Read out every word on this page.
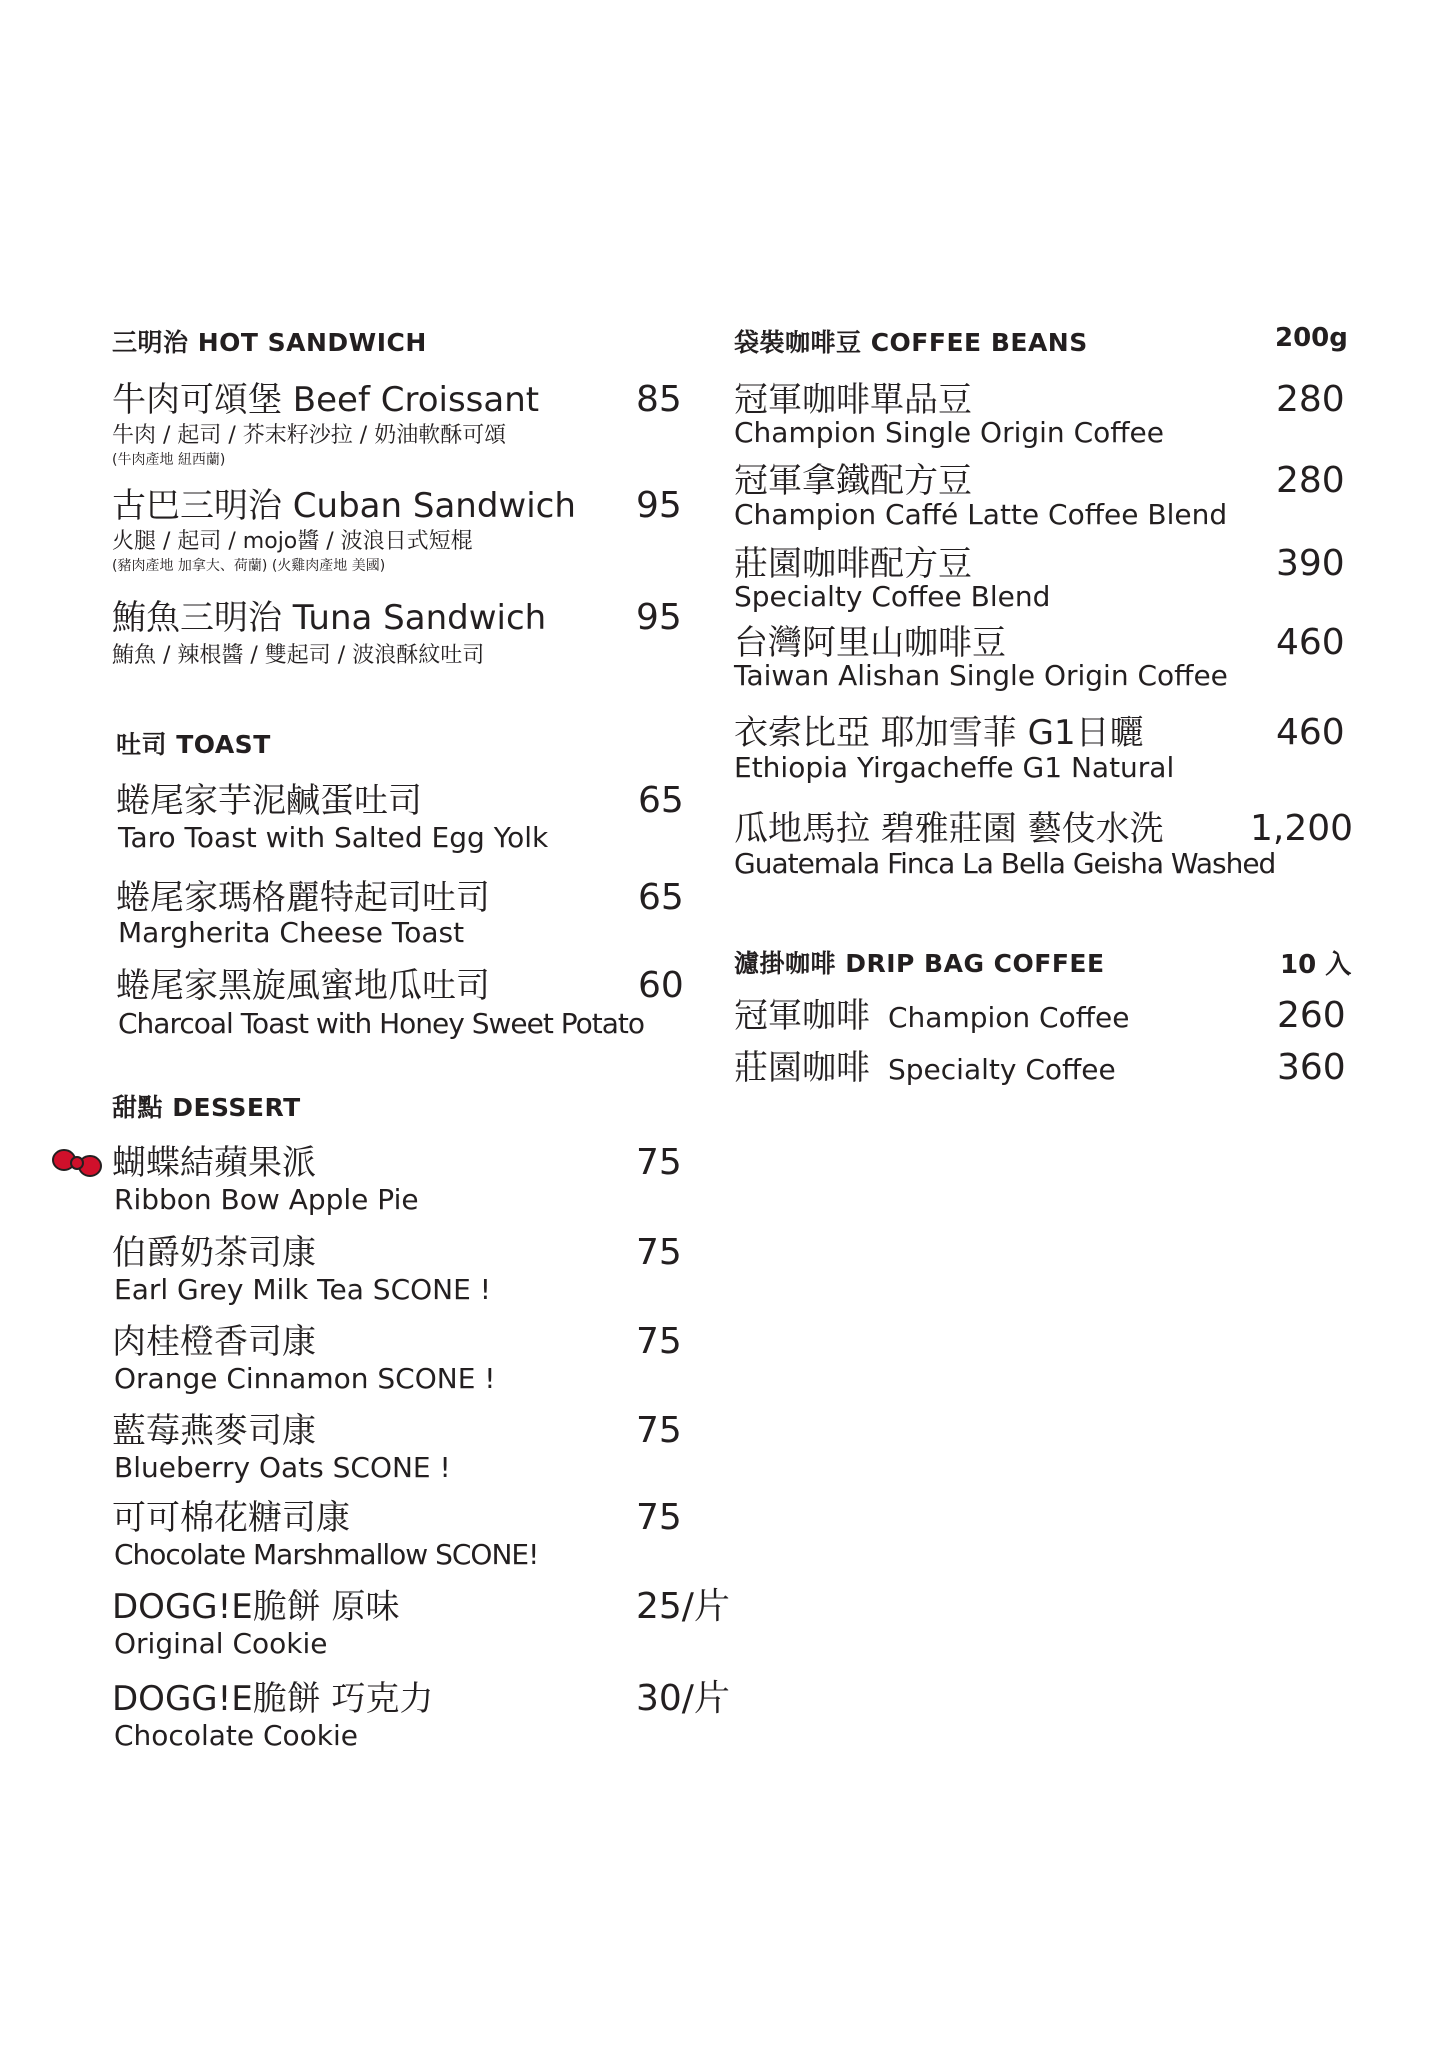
三明治 HOT SANDWICH
牛肉可頌堡 Beef Croissant
牛肉 / 起司 / 芥末籽沙拉 / 奶油軟酥可頌
(牛肉產地 紐西蘭)
85
古巴三明治 Cuban Sandwich
火腿 / 起司 / mojo醬 / 波浪日式短棍
(豬肉產地 加拿大、荷蘭) (火雞肉產地 美國)
95
鮪魚三明治 Tuna Sandwich
鮪魚 / 辣根醬 / 雙起司 / 波浪酥紋吐司
95
吐司 TOAST
蜷尾家芋泥鹹蛋吐司
Taro Toast with Salted Egg Yolk
65
蜷尾家瑪格麗特起司吐司
Margherita Cheese Toast
65
蜷尾家黑旋風蜜地瓜吐司
Charcoal Toast with Honey Sweet Potato
60
甜點 DESSERT
蝴蝶結蘋果派
Ribbon Bow Apple Pie
75
伯爵奶茶司康
Earl Grey Milk Tea SCONE !
75
肉桂橙香司康
Orange Cinnamon SCONE !
75
藍莓燕麥司康
Blueberry Oats SCONE !
75
可可棉花糖司康
Chocolate Marshmallow SCONE!
75
DOGG!E脆餅 原味
Original Cookie
25/片
DOGG!E脆餅 巧克力
Chocolate Cookie
30/片
袋裝咖啡豆 COFFEE BEANS	200g
冠軍咖啡單品豆
Champion Single Origin Coffee
280
冠軍拿鐵配方豆
Champion Caffé Latte Coffee Blend
280
莊園咖啡配方豆
Specialty Coffee Blend
390
台灣阿里山咖啡豆
Taiwan Alishan Single Origin Coffee
460
衣索比亞 耶加雪菲 G1日曬
Ethiopia Yirgacheffe G1 Natural
460
瓜地馬拉 碧雅莊園 藝伎水洗
Guatemala Finca La Bella Geisha Washed
1,200
濾掛咖啡 DRIP BAG COFFEE	10 入
冠軍咖啡 Champion Coffee	260
莊園咖啡 Specialty Coffee	360
